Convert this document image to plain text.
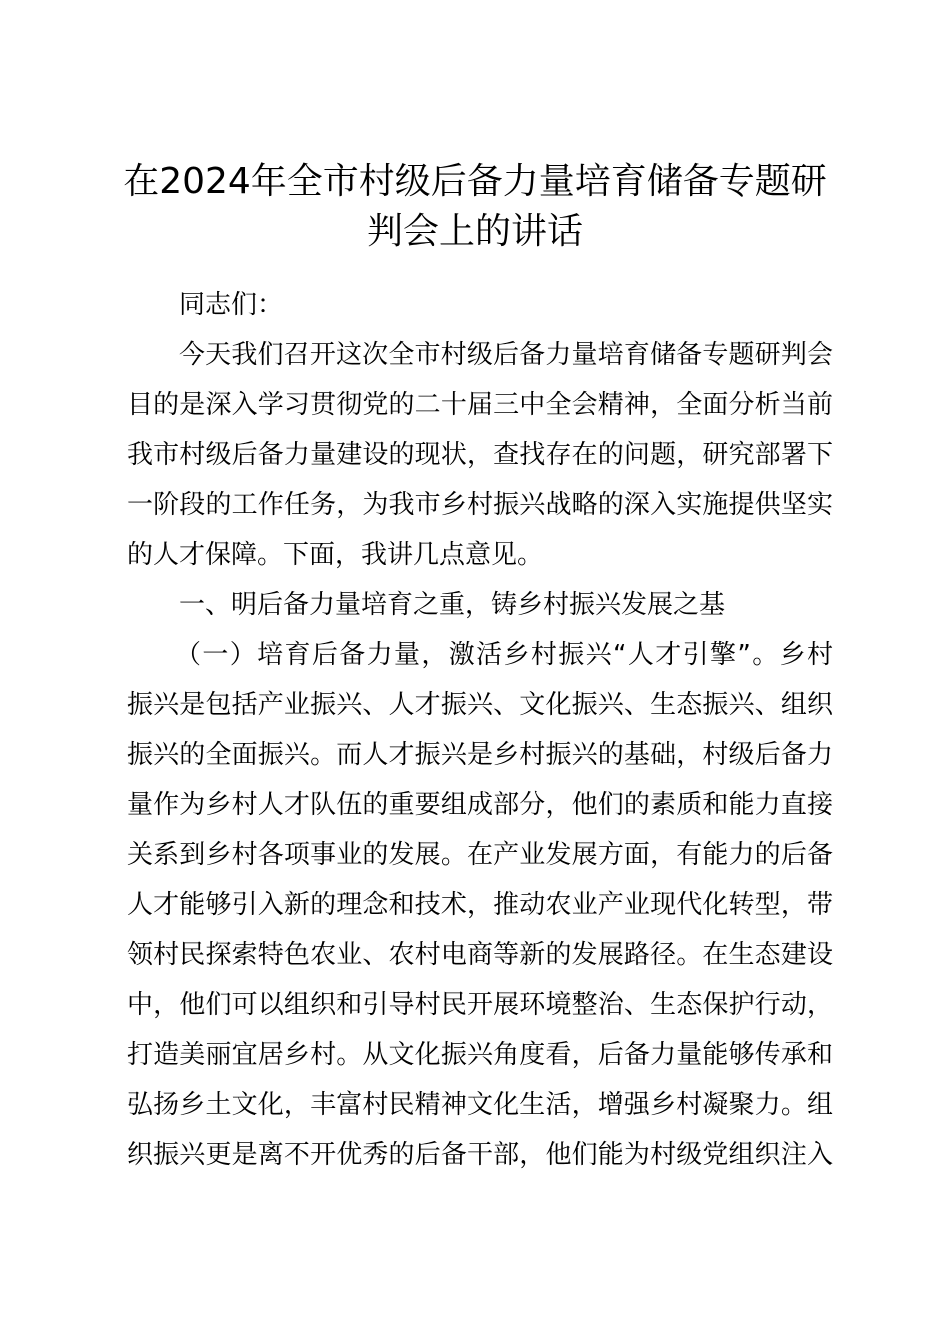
在2024年全市村级后备力量培育储备专题研
判会上的讲话

同志们：

今天我们召开这次全市村级后备力量培育储备专题研判会

目的是深入学习贯彻党的二十届三中全会精神，全面分析当前

我市村级后备力量建设的现状，查找存在的问题，研究部署下

一阶段的工作任务，为我市乡村振兴战略的深入实施提供坚实

的人才保障。下面，我讲几点意见。

一、明后备力量培育之重，铸乡村振兴发展之基

（一）培育后备力量，激活乡村振兴“人才引擎”。乡村

振兴是包括产业振兴、人才振兴、文化振兴、生态振兴、组织

振兴的全面振兴。而人才振兴是乡村振兴的基础，村级后备力

量作为乡村人才队伍的重要组成部分，他们的素质和能力直接

关系到乡村各项事业的发展。在产业发展方面，有能力的后备

人才能够引入新的理念和技术，推动农业产业现代化转型，带

领村民探索特色农业、农村电商等新的发展路径。在生态建设

中，他们可以组织和引导村民开展环境整治、生态保护行动，

打造美丽宜居乡村。从文化振兴角度看，后备力量能够传承和

弘扬乡土文化，丰富村民精神文化生活，增强乡村凝聚力。组

织振兴更是离不开优秀的后备干部，他们能为村级党组织注入
